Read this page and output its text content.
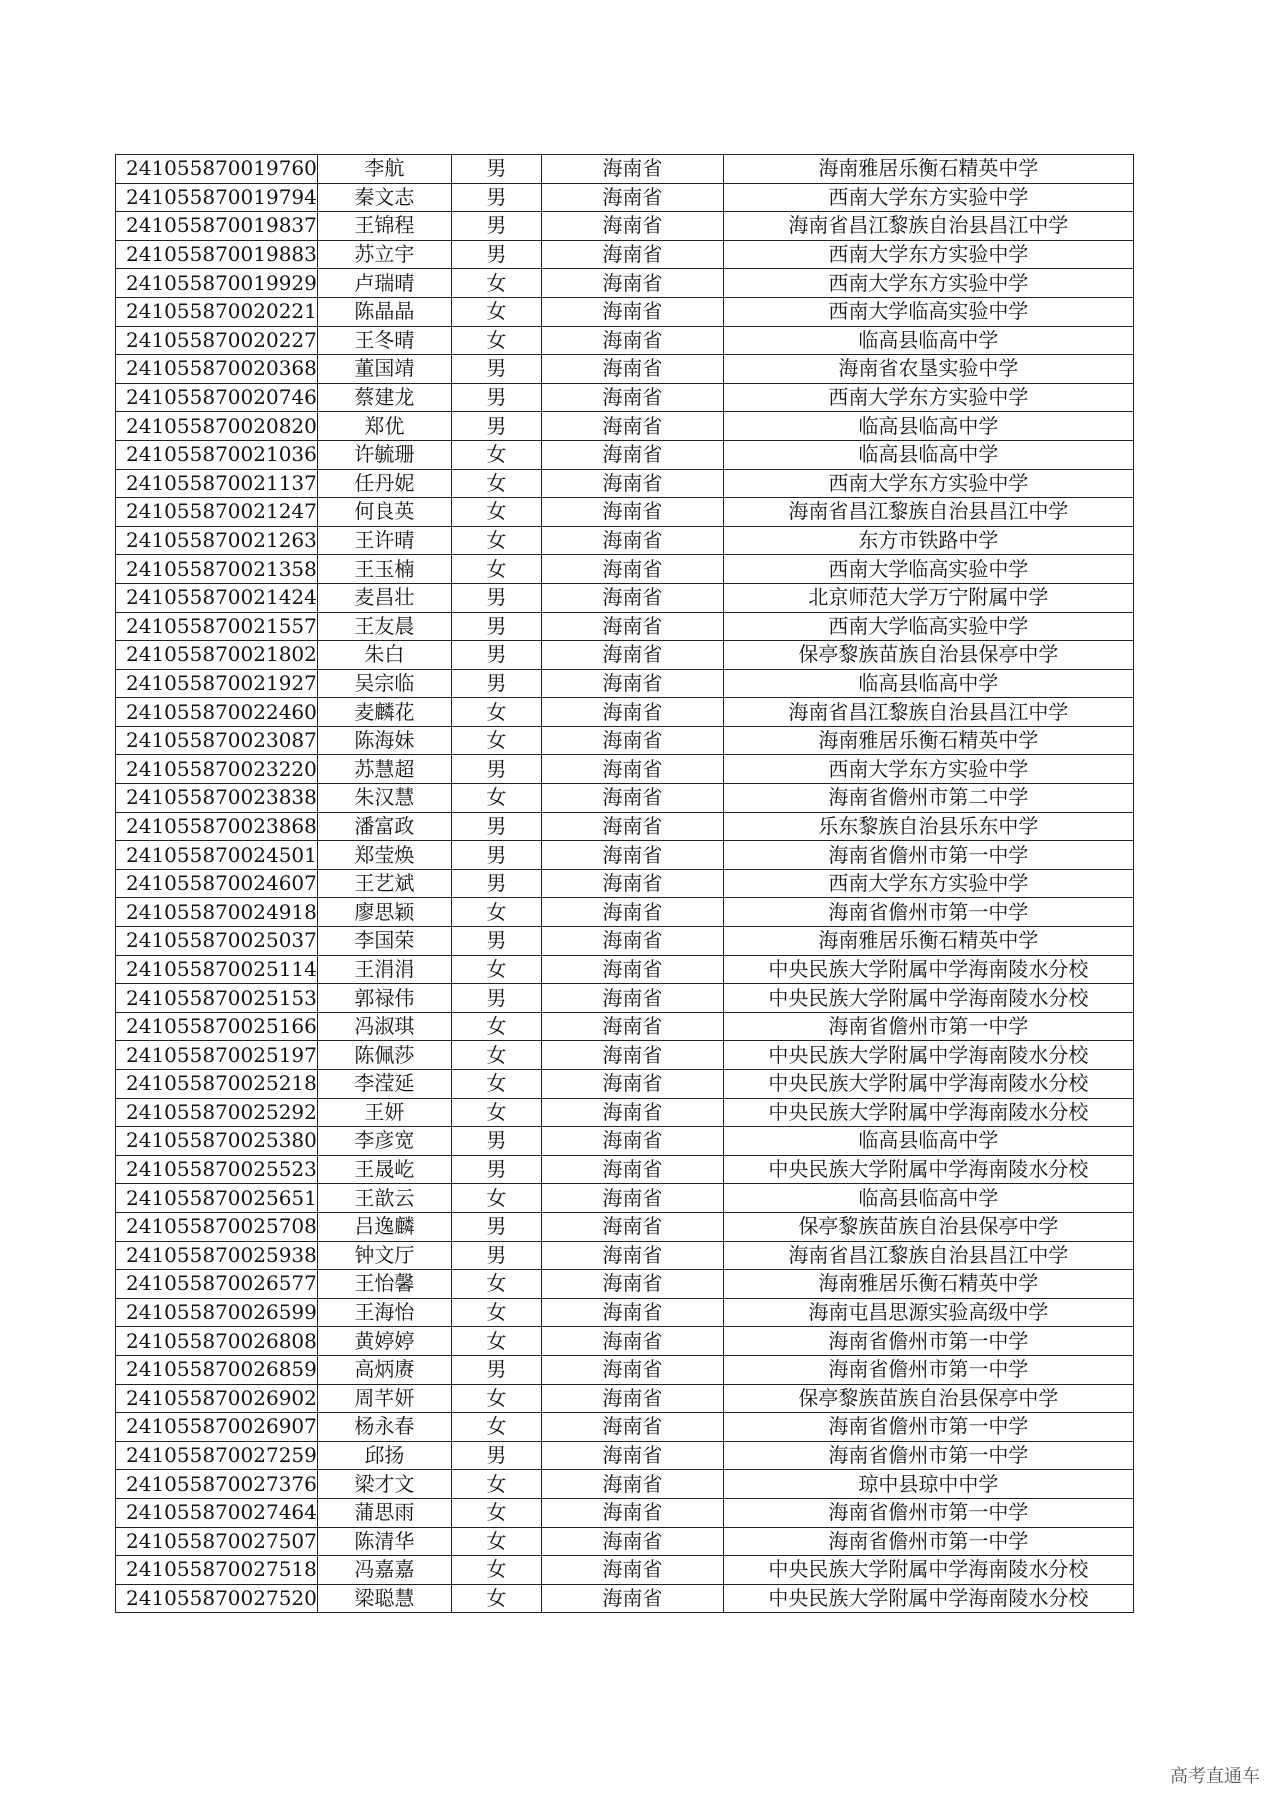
241055870019760	李航	男	海南省	海南雅居乐衡石精英中学
241055870019794	秦文志	男	海南省	西南大学东方实验中学
241055870019837	王锦程	男	海南省	海南省昌江黎族自治县昌江中学
241055870019883	苏立宇	男	海南省	西南大学东方实验中学
241055870019929	卢瑞晴	女	海南省	西南大学东方实验中学
241055870020221	陈晶晶	女	海南省	西南大学临高实验中学
241055870020227	王冬晴	女	海南省	临高县临高中学
241055870020368	董国靖	男	海南省	海南省农垦实验中学
241055870020746	蔡建龙	男	海南省	西南大学东方实验中学
241055870020820	郑优	男	海南省	临高县临高中学
241055870021036	许毓珊	女	海南省	临高县临高中学
241055870021137	任丹妮	女	海南省	西南大学东方实验中学
241055870021247	何良英	女	海南省	海南省昌江黎族自治县昌江中学
241055870021263	王许晴	女	海南省	东方市铁路中学
241055870021358	王玉楠	女	海南省	西南大学临高实验中学
241055870021424	麦昌壮	男	海南省	北京师范大学万宁附属中学
241055870021557	王友晨	男	海南省	西南大学临高实验中学
241055870021802	朱白	男	海南省	保亭黎族苗族自治县保亭中学
241055870021927	吴宗临	男	海南省	临高县临高中学
241055870022460	麦麟花	女	海南省	海南省昌江黎族自治县昌江中学
241055870023087	陈海妹	女	海南省	海南雅居乐衡石精英中学
241055870023220	苏慧超	男	海南省	西南大学东方实验中学
241055870023838	朱汉慧	女	海南省	海南省儋州市第二中学
241055870023868	潘富政	男	海南省	乐东黎族自治县乐东中学
241055870024501	郑莹焕	男	海南省	海南省儋州市第一中学
241055870024607	王艺斌	男	海南省	西南大学东方实验中学
241055870024918	廖思颖	女	海南省	海南省儋州市第一中学
241055870025037	李国荣	男	海南省	海南雅居乐衡石精英中学
241055870025114	王涓涓	女	海南省	中央民族大学附属中学海南陵水分校
241055870025153	郭禄伟	男	海南省	中央民族大学附属中学海南陵水分校
241055870025166	冯淑琪	女	海南省	海南省儋州市第一中学
241055870025197	陈佩莎	女	海南省	中央民族大学附属中学海南陵水分校
241055870025218	李滢延	女	海南省	中央民族大学附属中学海南陵水分校
241055870025292	王妍	女	海南省	中央民族大学附属中学海南陵水分校
241055870025380	李彦宽	男	海南省	临高县临高中学
241055870025523	王晟屹	男	海南省	中央民族大学附属中学海南陵水分校
241055870025651	王歆云	女	海南省	临高县临高中学
241055870025708	吕逸麟	男	海南省	保亭黎族苗族自治县保亭中学
241055870025938	钟文厅	男	海南省	海南省昌江黎族自治县昌江中学
241055870026577	王怡馨	女	海南省	海南雅居乐衡石精英中学
241055870026599	王海怡	女	海南省	海南屯昌思源实验高级中学
241055870026808	黄婷婷	女	海南省	海南省儋州市第一中学
241055870026859	高炳赓	男	海南省	海南省儋州市第一中学
241055870026902	周芊妍	女	海南省	保亭黎族苗族自治县保亭中学
241055870026907	杨永春	女	海南省	海南省儋州市第一中学
241055870027259	邱扬	男	海南省	海南省儋州市第一中学
241055870027376	梁才文	女	海南省	琼中县琼中中学
241055870027464	蒲思雨	女	海南省	海南省儋州市第一中学
241055870027507	陈清华	女	海南省	海南省儋州市第一中学
241055870027518	冯嘉嘉	女	海南省	中央民族大学附属中学海南陵水分校
241055870027520	梁聪慧	女	海南省	中央民族大学附属中学海南陵水分校
高考直通车
